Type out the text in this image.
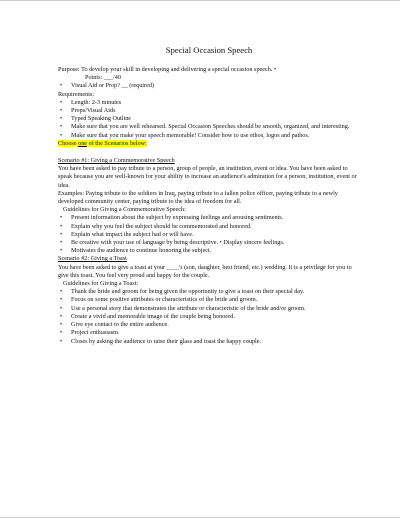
Special Occasion Speech

Purpose: To develop your skill in developing and delivering a special occasion speech. •

Points: ___/40

• Visual Aid or Prop? __ (required)

Requirements:

• Length: 2-3 minutes
• Props/Visual Aids
• Typed Speaking Outline
• Make sure that you are well rehearsed. Special Occasion Speeches should be smooth, organized, and interesting.
• Make sure that you make your speech memorable! Consider how to use ethos, logos and pathos.

Choose one of the Scenarios below:

Scenario #1: Giving a Commemorative Speech

You have been asked to pay tribute to a person, group of people, an institution, event or idea. You have been asked to speak because you are well-known for your ability to increase an audience's admiration for a person, institution, event or idea.

Examples: Paying tribute to the soldiers in Iraq, paying tribute to a fallen police officer, paying tribute to a newly developed community center, paying tribute to the idea of freedom for all.

Guidelines for Giving a Commemorative Speech:

• Present information about the subject by expressing feelings and arousing sentiments.
• Explain why you feel the subject should be commemorated and honored.
• Explain what impact the subject had or will have.
• Be creative with your use of language by being descriptive. • Display sincere feelings.
• Motivates the audience to continue honoring the subject.

Scenario #2: Giving a Toast

You have been asked to give a toast at your ____'s (son, daughter, best friend, etc.) wedding. It is a privilege for you to give this toast. You feel very proud and happy for the couple.

Guidelines for Giving a Toast:

• Thank the bride and groom for being given the opportunity to give a toast on their special day.
• Focus on some positive attributes or characteristics of the bride and groom.
• Use a personal story that demonstrates the attribute or characteristic of the bride and/or groom.
• Create a vivid and memorable image of the couple being honored.
• Give eye contact to the entire audience.
• Project enthusiasm.
• Closes by asking the audience to raise their glass and toast the happy couple.
